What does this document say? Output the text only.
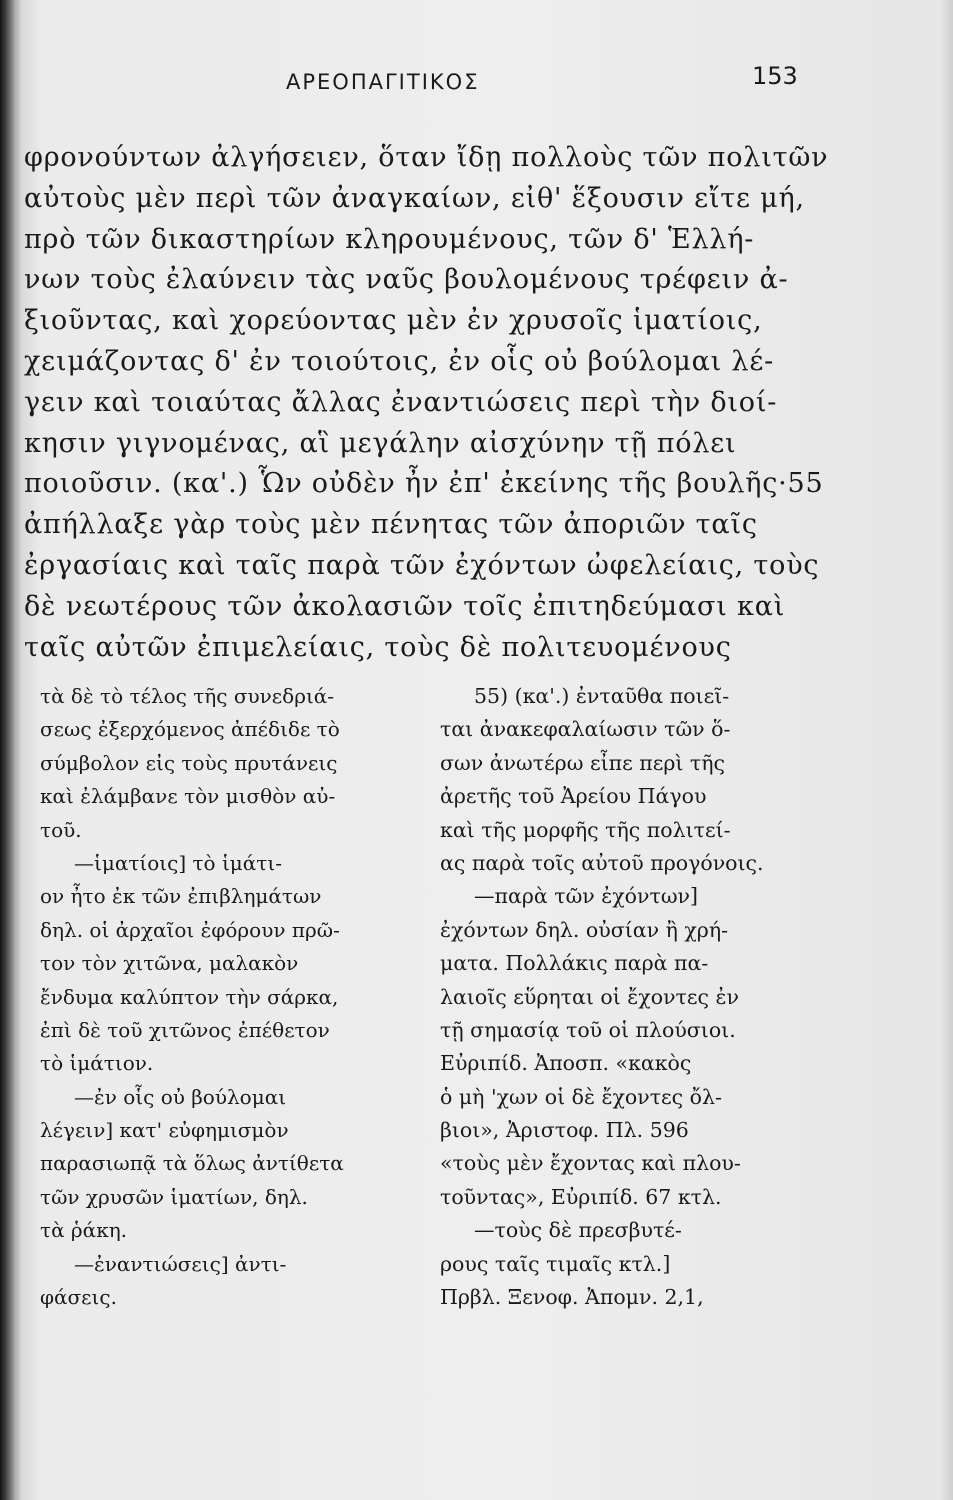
ΑΡΕΟΠΑΓΙΤΙΚΟΣ	153
φρονούντων ἀλγήσειεν, ὅταν ἴδῃ πολλοὺς τῶν πολιτῶν
αὐτοὺς μὲν περὶ τῶν ἀναγκαίων, εἰθ' ἕξουσιν εἴτε μή,
πρὸ τῶν δικαστηρίων κληρουμένους, τῶν δ' Ἑλλή-
νων τοὺς ἐλαύνειν τὰς ναῦς βουλομένους τρέφειν ἀ-
ξιοῦντας, καὶ χορεύοντας μὲν ἐν χρυσοῖς ἱματίοις,
χειμάζοντας δ' ἐν τοιούτοις, ἐν οἷς οὐ βούλομαι λέ-
γειν καὶ τοιαύτας ἄλλας ἐναντιώσεις περὶ τὴν διοί-
κησιν γιγνομένας, αἳ μεγάλην αἰσχύνην τῇ πόλει
ποιοῦσιν. (κα'.) Ὧν οὐδὲν ἦν ἐπ' ἐκείνης τῆς βουλῆς·55
ἀπήλλαξε γὰρ τοὺς μὲν πένητας τῶν ἀποριῶν ταῖς
ἐργασίαις καὶ ταῖς παρὰ τῶν ἐχόντων ὠφελείαις, τοὺς
δὲ νεωτέρους τῶν ἀκολασιῶν τοῖς ἐπιτηδεύμασι καὶ
ταῖς αὐτῶν ἐπιμελείαις, τοὺς δὲ πολιτευομένους
τὰ δὲ τὸ τέλος τῆς συνεδριά-
σεως ἐξερχόμενος ἀπέδιδε τὸ
σύμβολον εἰς τοὺς πρυτάνεις
καὶ ἐλάμβανε τὸν μισθὸν αὐ-
τοῦ.
—ἱματίοις] τὸ ἱμάτι-
ον ἦτο ἐκ τῶν ἐπιβλημάτων
δηλ. οἱ ἀρχαῖοι ἐφόρουν πρῶ-
τον τὸν χιτῶνα, μαλακὸν
ἔνδυμα καλύπτον τὴν σάρκα,
ἐπὶ δὲ τοῦ χιτῶνος ἐπέθετον
τὸ ἱμάτιον.
—ἐν οἷς οὐ βούλομαι
λέγειν] κατ' εὐφημισμὸν
παρασιωπᾷ τὰ ὅλως ἀντίθετα
τῶν χρυσῶν ἱματίων, δηλ.
τὰ ῥάκη.
—ἐναντιώσεις] ἀντι-
φάσεις.
55) (κα'.) ἐνταῦθα ποιεῖ-
ται ἀνακεφαλαίωσιν τῶν ὅ-
σων ἀνωτέρω εἶπε περὶ τῆς
ἀρετῆς τοῦ Ἀρείου Πάγου
καὶ τῆς μορφῆς τῆς πολιτεί-
ας παρὰ τοῖς αὐτοῦ προγόνοις.
—παρὰ τῶν ἐχόντων]
ἐχόντων δηλ. οὐσίαν ἢ χρή-
ματα. Πολλάκις παρὰ πα-
λαιοῖς εὕρηται οἱ ἔχοντες ἐν
τῇ σημασίᾳ τοῦ οἱ πλούσιοι.
Εὐριπίδ. Ἀποσπ. «κακὸς
ὁ μὴ 'χων οἱ δὲ ἔχοντες ὄλ-
βιοι», Ἀριστοφ. Πλ. 596
«τοὺς μὲν ἔχοντας καὶ πλου-
τοῦντας», Εὐριπίδ. 67 κτλ.
—τοὺς δὲ πρεσβυτέ-
ρους ταῖς τιμαῖς κτλ.]
Πρβλ. Ξενοφ. Ἀπομν. 2,1,
